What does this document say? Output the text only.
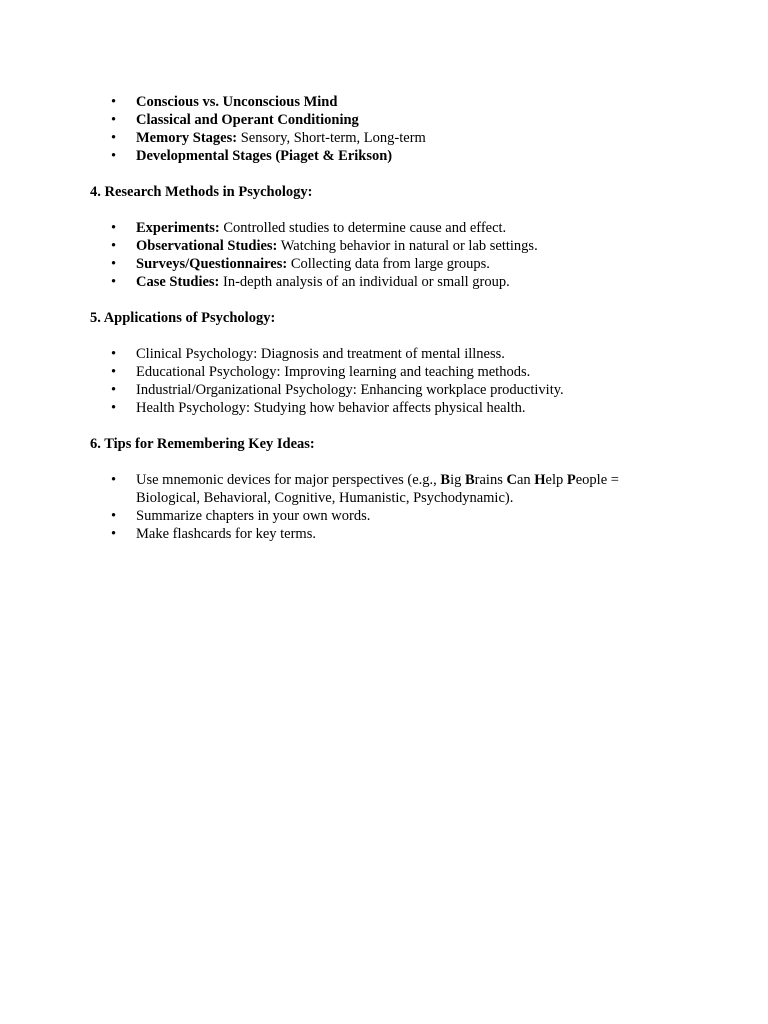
• Conscious vs. Unconscious Mind
• Classical and Operant Conditioning
• Memory Stages: Sensory, Short-term, Long-term
• Developmental Stages (Piaget & Erikson)
4. Research Methods in Psychology:
• Experiments: Controlled studies to determine cause and effect.
• Observational Studies: Watching behavior in natural or lab settings.
• Surveys/Questionnaires: Collecting data from large groups.
• Case Studies: In-depth analysis of an individual or small group.
5. Applications of Psychology:
• Clinical Psychology: Diagnosis and treatment of mental illness.
• Educational Psychology: Improving learning and teaching methods.
• Industrial/Organizational Psychology: Enhancing workplace productivity.
• Health Psychology: Studying how behavior affects physical health.
6. Tips for Remembering Key Ideas:
• Use mnemonic devices for major perspectives (e.g., Big Brains Can Help People = Biological, Behavioral, Cognitive, Humanistic, Psychodynamic).
• Summarize chapters in your own words.
• Make flashcards for key terms.
